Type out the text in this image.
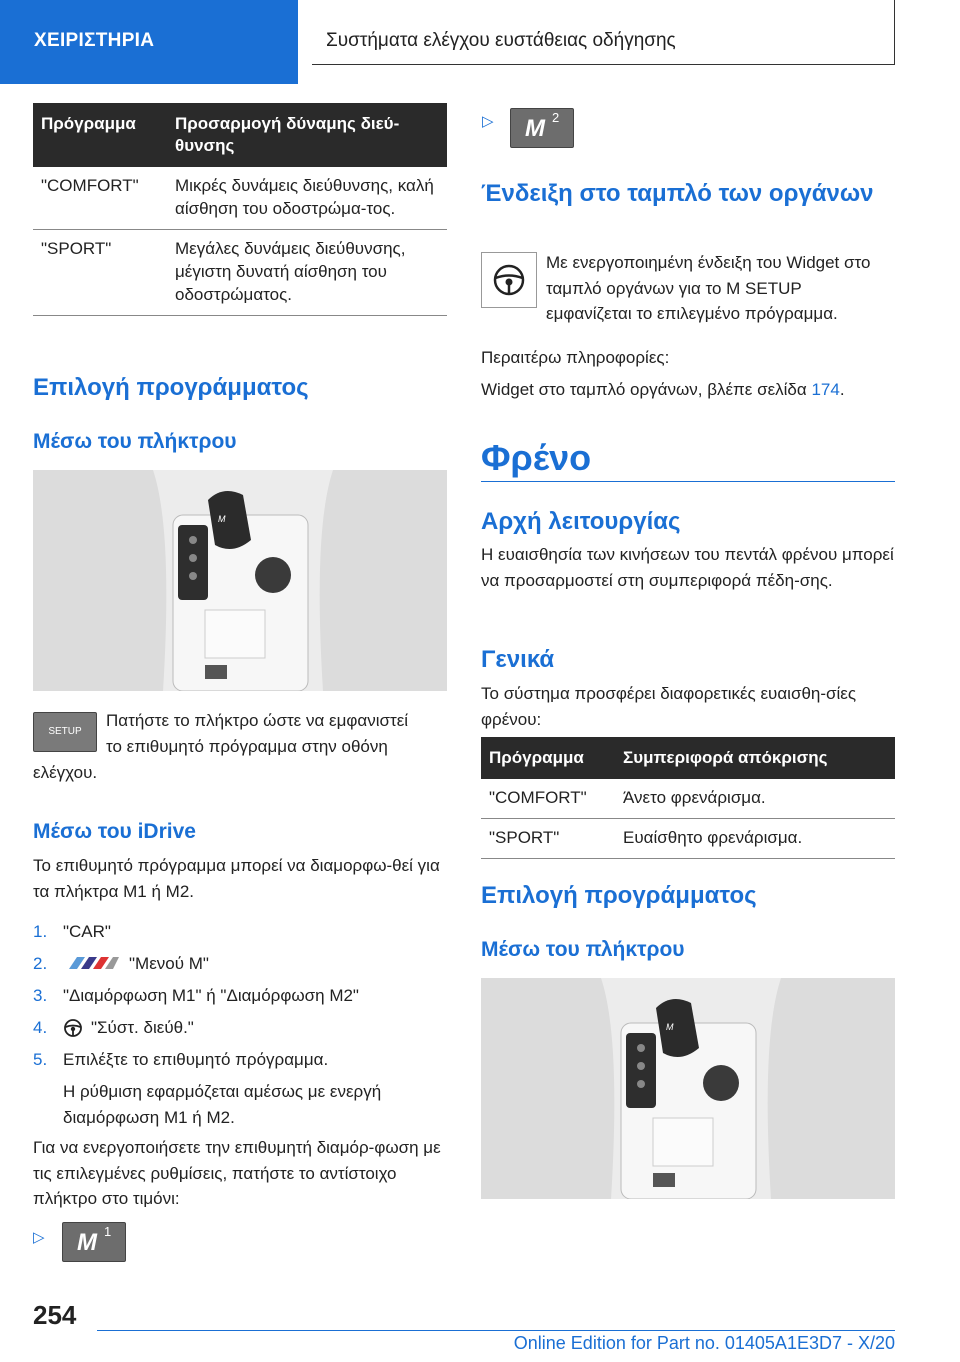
ΧΕΙΡΙΣΤΗΡΙΑ	Συστήματα ελέγχου ευστάθειας οδήγησης
Πρόγραμμα	Προσαρμογή δύναμης διεύ-θυνσης
"COMFORT"	Μικρές δυνάμεις διεύθυνσης, καλή αίσθηση του οδοστρώμα-τος.
"SPORT"	Μεγάλες δυνάμεις διεύθυνσης, μέγιστη δυνατή αίσθηση του οδοστρώματος.
Επιλογή προγράμματος
Μέσω του πλήκτρου
M
SETUP
Πατήστε το πλήκτρο ώστε να εμφανιστεί
το επιθυμητό πρόγραμμα στην οθόνη
ελέγχου.
Μέσω του iDrive
Το επιθυμητό πρόγραμμα μπορεί να διαμορφω-θεί για τα πλήκτρα M1 ή M2.
1. "CAR"
2.	"Μενού M"
3. "Διαμόρφωση M1" ή "Διαμόρφωση M2"
4.	"Σύστ. διεύθ."
5. Επιλέξτε το επιθυμητό πρόγραμμα.
Η ρύθμιση εφαρμόζεται αμέσως με ενεργή διαμόρφωση M1 ή M2.
Για να ενεργοποιήσετε την επιθυμητή διαμόρ-φωση με τις επιλεγμένες ρυθμίσεις, πατήστε το αντίστοιχο πλήκτρο στο τιμόνι:
▷ M 1
▷ M 2
Ένδειξη στο ταμπλό των οργάνων
Με ενεργοποιημένη ένδειξη του Widget στο ταμπλό οργάνων για το M SETUP εμφανίζεται το επιλεγμένο πρόγραμμα.
Περαιτέρω πληροφορίες:
Widget στο ταμπλό οργάνων, βλέπε σελίδα 174.
Φρένο
Αρχή λειτουργίας
Η ευαισθησία των κινήσεων του πεντάλ φρένου μπορεί να προσαρμοστεί στη συμπεριφορά πέδη-σης.
Γενικά
Το σύστημα προσφέρει διαφορετικές ευαισθη-σίες φρένου:
Πρόγραμμα	Συμπεριφορά απόκρισης
"COMFORT"	Άνετο φρενάρισμα.
"SPORT"	Ευαίσθητο φρενάρισμα.
Επιλογή προγράμματος
Μέσω του πλήκτρου
M
254
Online Edition for Part no. 01405A1E3D7 - X/20
